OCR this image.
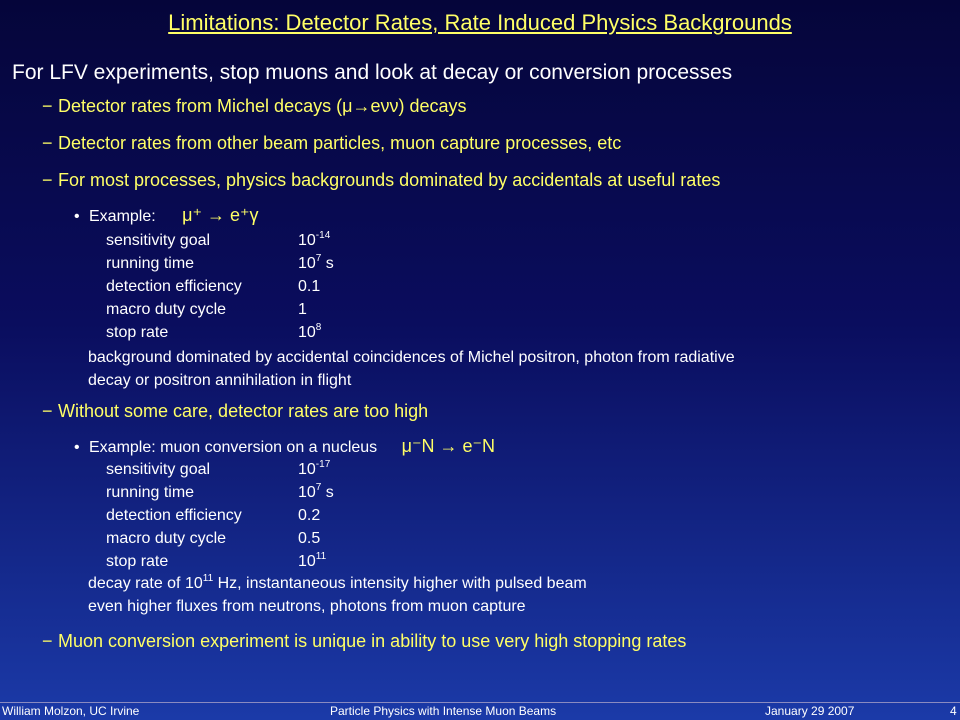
Limitations: Detector Rates, Rate Induced Physics Backgrounds
For LFV experiments, stop muons and look at decay or conversion processes
− Detector rates from Michel decays (μ→eνν) decays
− Detector rates from other beam particles, muon capture processes, etc
− For most processes, physics backgrounds dominated by accidentals at useful rates
• Example: μ⁺ → e⁺γ
sensitivity goal	$10^{-14}$
running time	$10^7$ s
detection efficiency	0.1
macro duty cycle	1
stop rate	$10^8$
background dominated by accidental coincidences of Michel positron, photon from radiative
decay or positron annihilation in flight
− Without some care, detector rates are too high
• Example: muon conversion on a nucleus μ⁻N → e⁻N
sensitivity goal	$10^{-17}$
running time	$10^7$ s
detection efficiency	0.2
macro duty cycle	0.5
stop rate	$10^{11}$
decay rate of $10^{11}$ Hz, instantaneous intensity higher with pulsed beam
even higher fluxes from neutrons, photons from muon capture
− Muon conversion experiment is unique in ability to use very high stopping rates
William Molzon, UC Irvine	Particle Physics with Intense Muon Beams	January 29 2007	4
